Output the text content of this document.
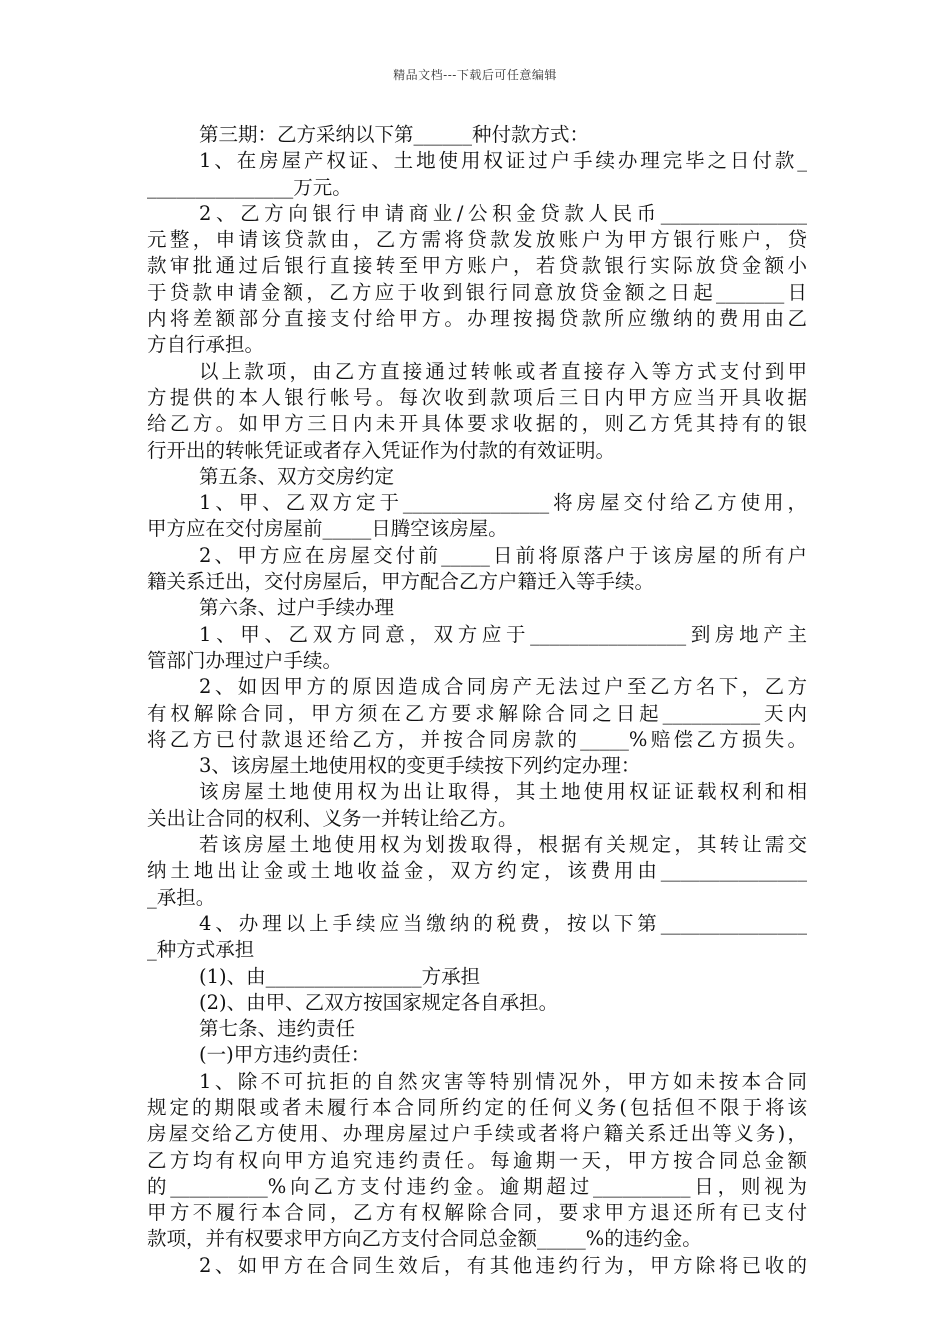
精品文档---下载后可任意编辑
第三期：乙方采纳以下第______种付款方式：
1、在房屋产权证、土地使用权证过户手续办理完毕之日付款_
_______________万元。
2、乙方向银行申请商业/公积金贷款人民币_______________
元整，申请该贷款由，乙方需将贷款发放账户为甲方银行账户，贷
款审批通过后银行直接转至甲方账户，若贷款银行实际放贷金额小
于贷款申请金额，乙方应于收到银行同意放贷金额之日起_______日
内将差额部分直接支付给甲方。办理按揭贷款所应缴纳的费用由乙
方自行承担。
以上款项，由乙方直接通过转帐或者直接存入等方式支付到甲
方提供的本人银行帐号。每次收到款项后三日内甲方应当开具收据
给乙方。如甲方三日内未开具体要求收据的，则乙方凭其持有的银
行开出的转帐凭证或者存入凭证作为付款的有效证明。
第五条、双方交房约定
1、甲、乙双方定于_______________将房屋交付给乙方使用，
甲方应在交付房屋前_____日腾空该房屋。
2、甲方应在房屋交付前_____日前将原落户于该房屋的所有户
籍关系迁出，交付房屋后，甲方配合乙方户籍迁入等手续。
第六条、过户手续办理
1、甲、乙双方同意，双方应于________________到房地产主
管部门办理过户手续。
2、如因甲方的原因造成合同房产无法过户至乙方名下，乙方
有权解除合同，甲方须在乙方要求解除合同之日起__________天内
将乙方已付款退还给乙方，并按合同房款的_____%赔偿乙方损失。
3、该房屋土地使用权的变更手续按下列约定办理：
该房屋土地使用权为出让取得，其土地使用权证证载权利和相
关出让合同的权利、义务一并转让给乙方。
若该房屋土地使用权为划拨取得，根据有关规定，其转让需交
纳土地出让金或土地收益金，双方约定，该费用由_______________
_承担。
4、办理以上手续应当缴纳的税费，按以下第_______________
_种方式承担
(1)、由________________方承担
(2)、由甲、乙双方按国家规定各自承担。
第七条、违约责任
(一)甲方违约责任：
1、除不可抗拒的自然灾害等特别情况外，甲方如未按本合同
规定的期限或者未履行本合同所约定的任何义务(包括但不限于将该
房屋交给乙方使用、办理房屋过户手续或者将户籍关系迁出等义务)，
乙方均有权向甲方追究违约责任。每逾期一天，甲方按合同总金额
的__________%向乙方支付违约金。逾期超过__________日，则视为
甲方不履行本合同，乙方有权解除合同，要求甲方退还所有已支付
款项，并有权要求甲方向乙方支付合同总金额_____%的违约金。
2、如甲方在合同生效后，有其他违约行为，甲方除将已收的
